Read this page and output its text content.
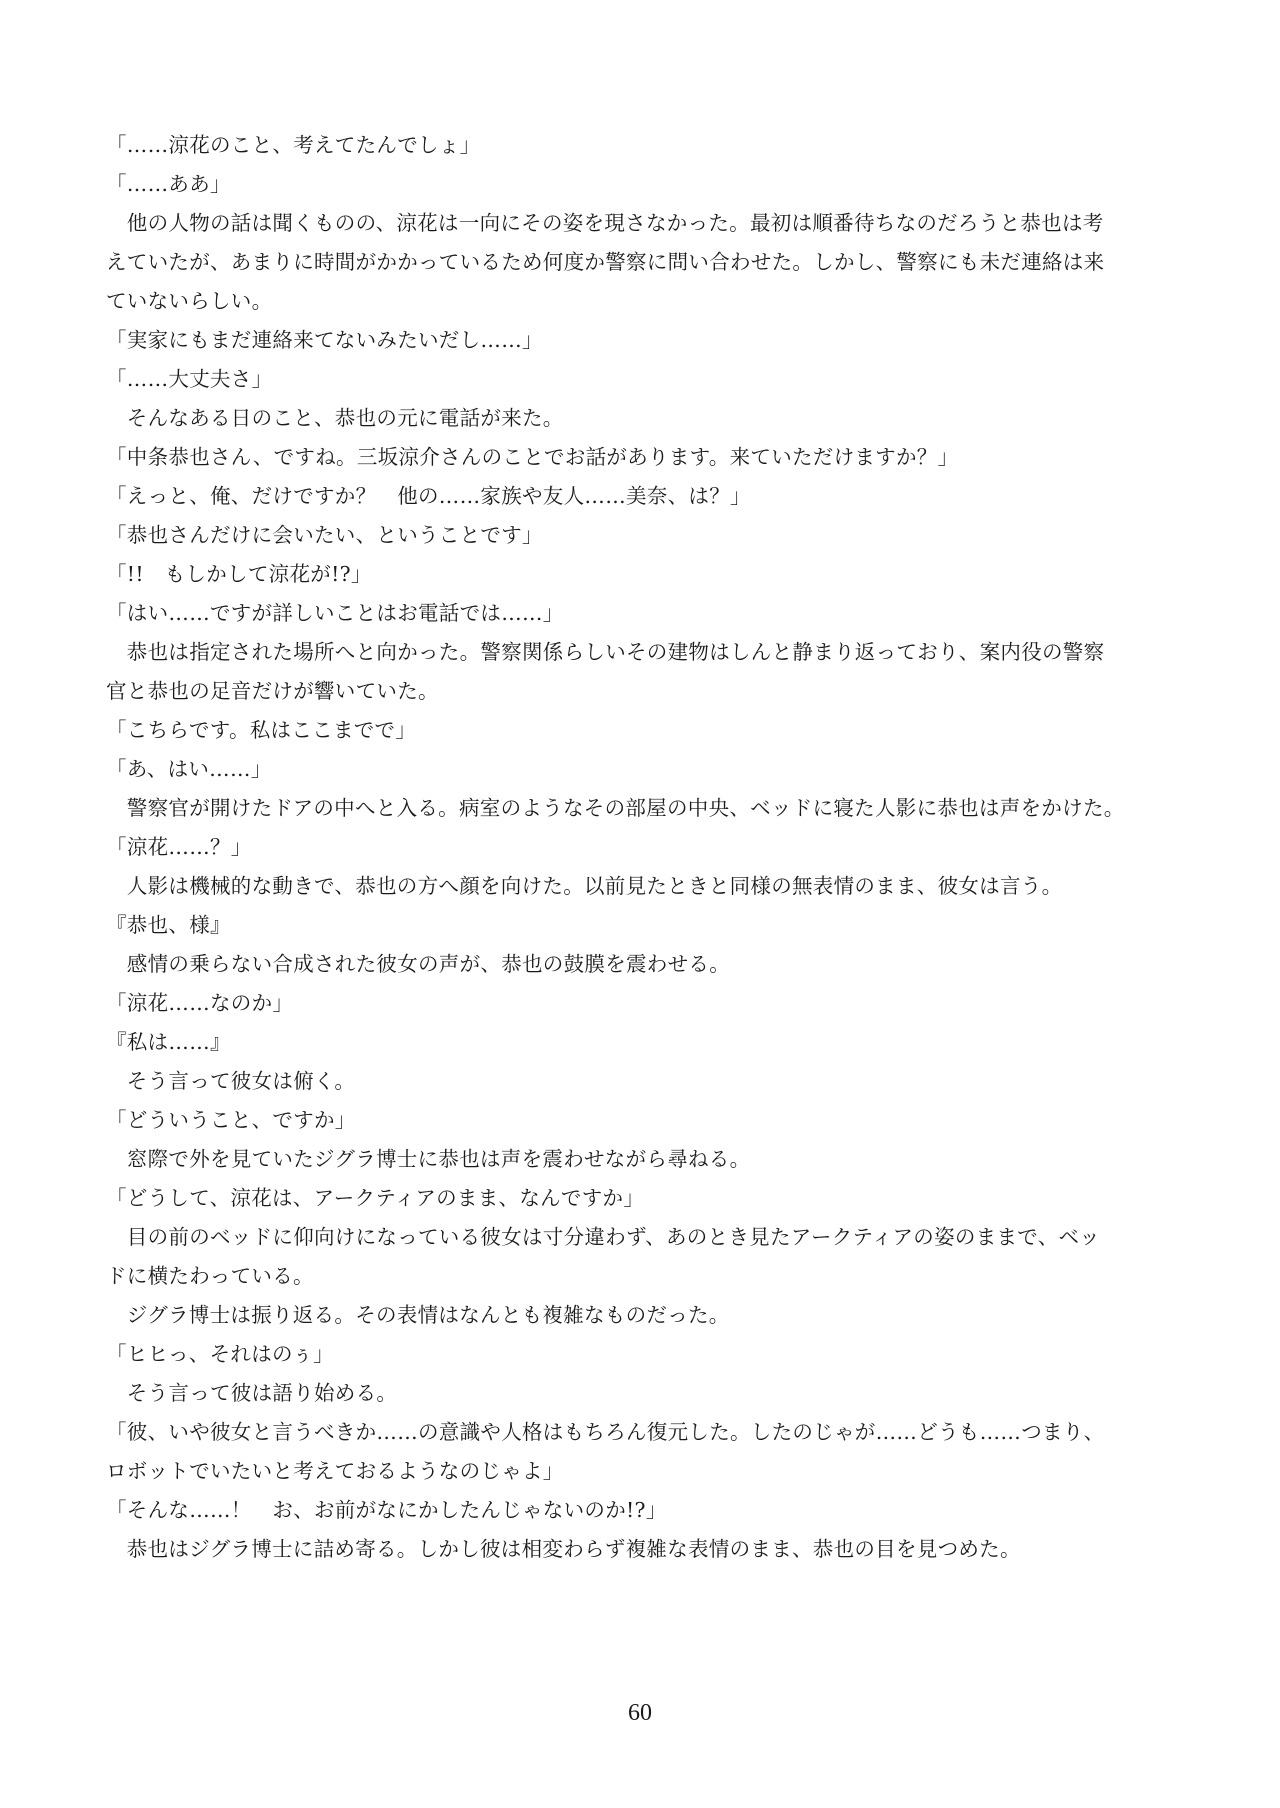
「……涼花のこと、考えてたんでしょ」
「……ああ」
　他の人物の話は聞くものの、涼花は一向にその姿を現さなかった。最初は順番待ちなのだろうと恭也は考
えていたが、あまりに時間がかかっているため何度か警察に問い合わせた。しかし、警察にも未だ連絡は来
ていないらしい。
「実家にもまだ連絡来てないみたいだし……」
「……大丈夫さ」
　そんなある日のこと、恭也の元に電話が来た。
「中条恭也さん、ですね。三坂涼介さんのことでお話があります。来ていただけますか？」
「えっと、俺、だけですか？　他の……家族や友人……美奈、は？」
「恭也さんだけに会いたい、ということです」
「!!　もしかして涼花が!?」
「はい……ですが詳しいことはお電話では……」
　恭也は指定された場所へと向かった。警察関係らしいその建物はしんと静まり返っており、案内役の警察
官と恭也の足音だけが響いていた。
「こちらです。私はここまでで」
「あ、はい……」
　警察官が開けたドアの中へと入る。病室のようなその部屋の中央、ベッドに寝た人影に恭也は声をかけた。
「涼花……？」
　人影は機械的な動きで、恭也の方へ顔を向けた。以前見たときと同様の無表情のまま、彼女は言う。
『恭也、様』
　感情の乗らない合成された彼女の声が、恭也の鼓膜を震わせる。
「涼花……なのか」
『私は……』
　そう言って彼女は俯く。
「どういうこと、ですか」
　窓際で外を見ていたジグラ博士に恭也は声を震わせながら尋ねる。
「どうして、涼花は、アークティアのまま、なんですか」
　目の前のベッドに仰向けになっている彼女は寸分違わず、あのとき見たアークティアの姿のままで、ベッ
ドに横たわっている。
　ジグラ博士は振り返る。その表情はなんとも複雑なものだった。
「ヒヒっ、それはのぅ」
　そう言って彼は語り始める。
「彼、いや彼女と言うべきか……の意識や人格はもちろん復元した。したのじゃが……どうも……つまり、
ロボットでいたいと考えておるようなのじゃよ」
「そんな……！　お、お前がなにかしたんじゃないのか!?」
　恭也はジグラ博士に詰め寄る。しかし彼は相変わらず複雑な表情のまま、恭也の目を見つめた。
60
